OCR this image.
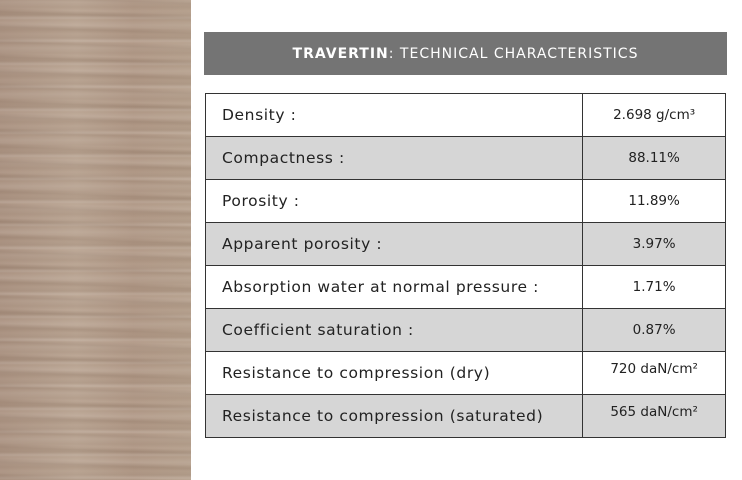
TRAVERTIN : TECHNICAL CHARACTERISTICS
Density :	2.698 g/cm³
Compactness :	88.11%
Porosity :	11.89%
Apparent porosity :	3.97%
Absorption water at normal pressure :	1.71%
Coefficient saturation :	0.87%
Resistance to compression (dry)	720 daN/cm²
Resistance to compression (saturated)	565 daN/cm²
